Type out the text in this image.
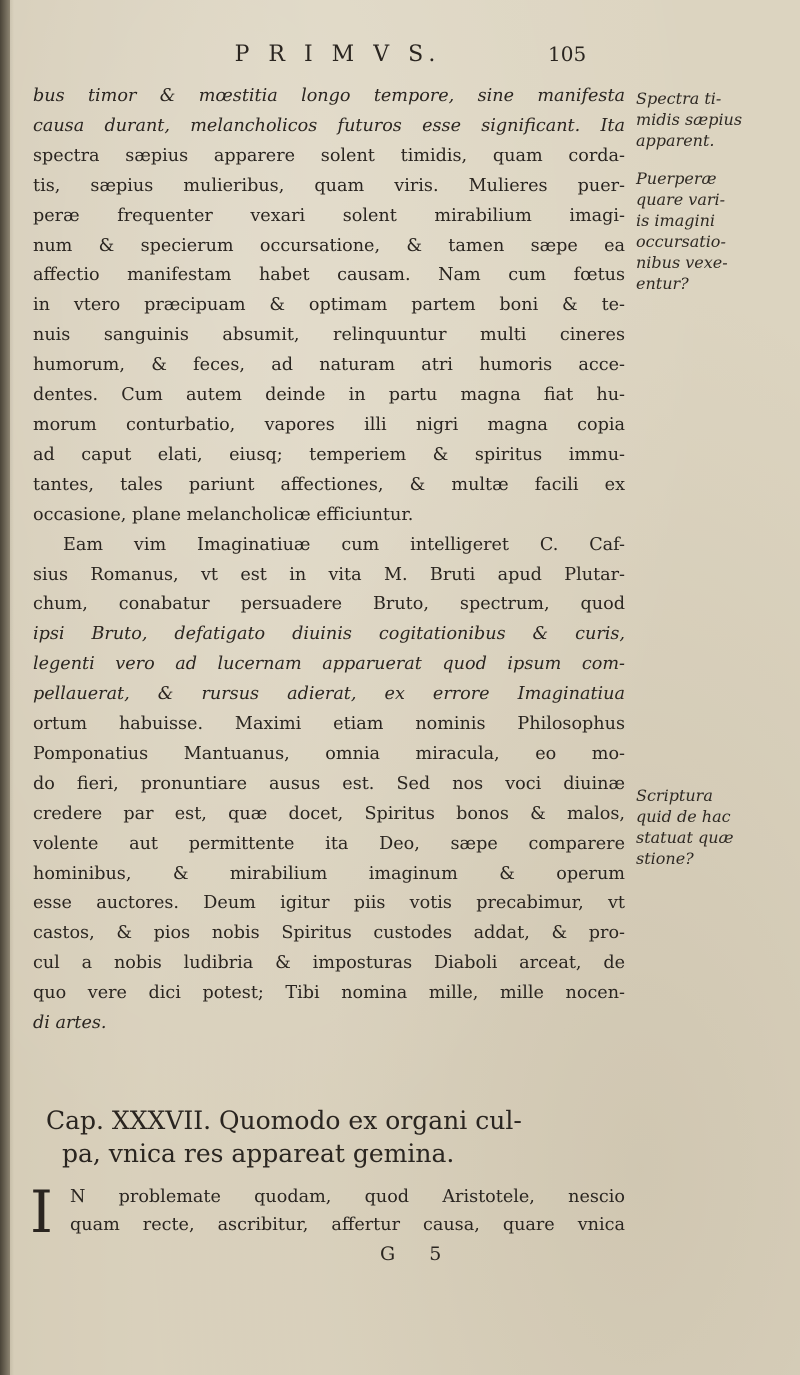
P R I M V S.	105
bus timor & mœstitia longo tempore, sine manifesta
causa durant, melancholicos futuros esse significant. Ita
spectra sæpius apparere solent timidis, quam corda-
tis, sæpius mulieribus, quam viris. Mulieres puer-
peræ frequenter vexari solent mirabilium imagi-
num & specierum occursatione, & tamen sæpe ea
affectio manifestam habet causam. Nam cum fœtus
in vtero præcipuam & optimam partem boni & te-
nuis sanguinis absumit, relinquuntur multi cineres
humorum, & feces, ad naturam atri humoris acce-
dentes. Cum autem deinde in partu magna fiat hu-
morum conturbatio, vapores illi nigri magna copia
ad caput elati, eiusq; temperiem & spiritus immu-
tantes, tales pariunt affectiones, & multæ facili ex
occasione, plane melancholicæ efficiuntur.
Eam vim Imaginatiuæ cum intelligeret C. Caf-
sius Romanus, vt est in vita M. Bruti apud Plutar-
chum, conabatur persuadere Bruto, spectrum, quod
ipsi Bruto, defatigato diuinis cogitationibus & curis,
legenti vero ad lucernam apparuerat quod ipsum com-
pellauerat, & rursus adierat, ex errore Imaginatiua
ortum habuisse. Maximi etiam nominis Philosophus
Pomponatius Mantuanus, omnia miracula, eo mo-
do fieri, pronuntiare ausus est. Sed nos voci diuinæ
credere par est, quæ docet, Spiritus bonos & malos,
volente aut permittente ita Deo, sæpe comparere
hominibus, & mirabilium imaginum & operum
esse auctores. Deum igitur piis votis precabimur, vt
castos, & pios nobis Spiritus custodes addat, & pro-
cul a nobis ludibria & imposturas Diaboli arceat, de
quo vere dici potest; Tibi nomina mille, mille nocen-
di artes.
Spectra ti-
midis sæpius
apparent.
Puerperæ
quare vari-
is imagini
occursatio-
nibus vexe-
entur?
Scriptura
quid de hac
statuat quæ
stione?
Cap. XXXVII. Quomodo ex organi cul-
pa, vnica res appareat gemina.
I N problemate quodam, quod Aristotele, nescio
quam recte, ascribitur, affertur causa, quare vnica
G 5
